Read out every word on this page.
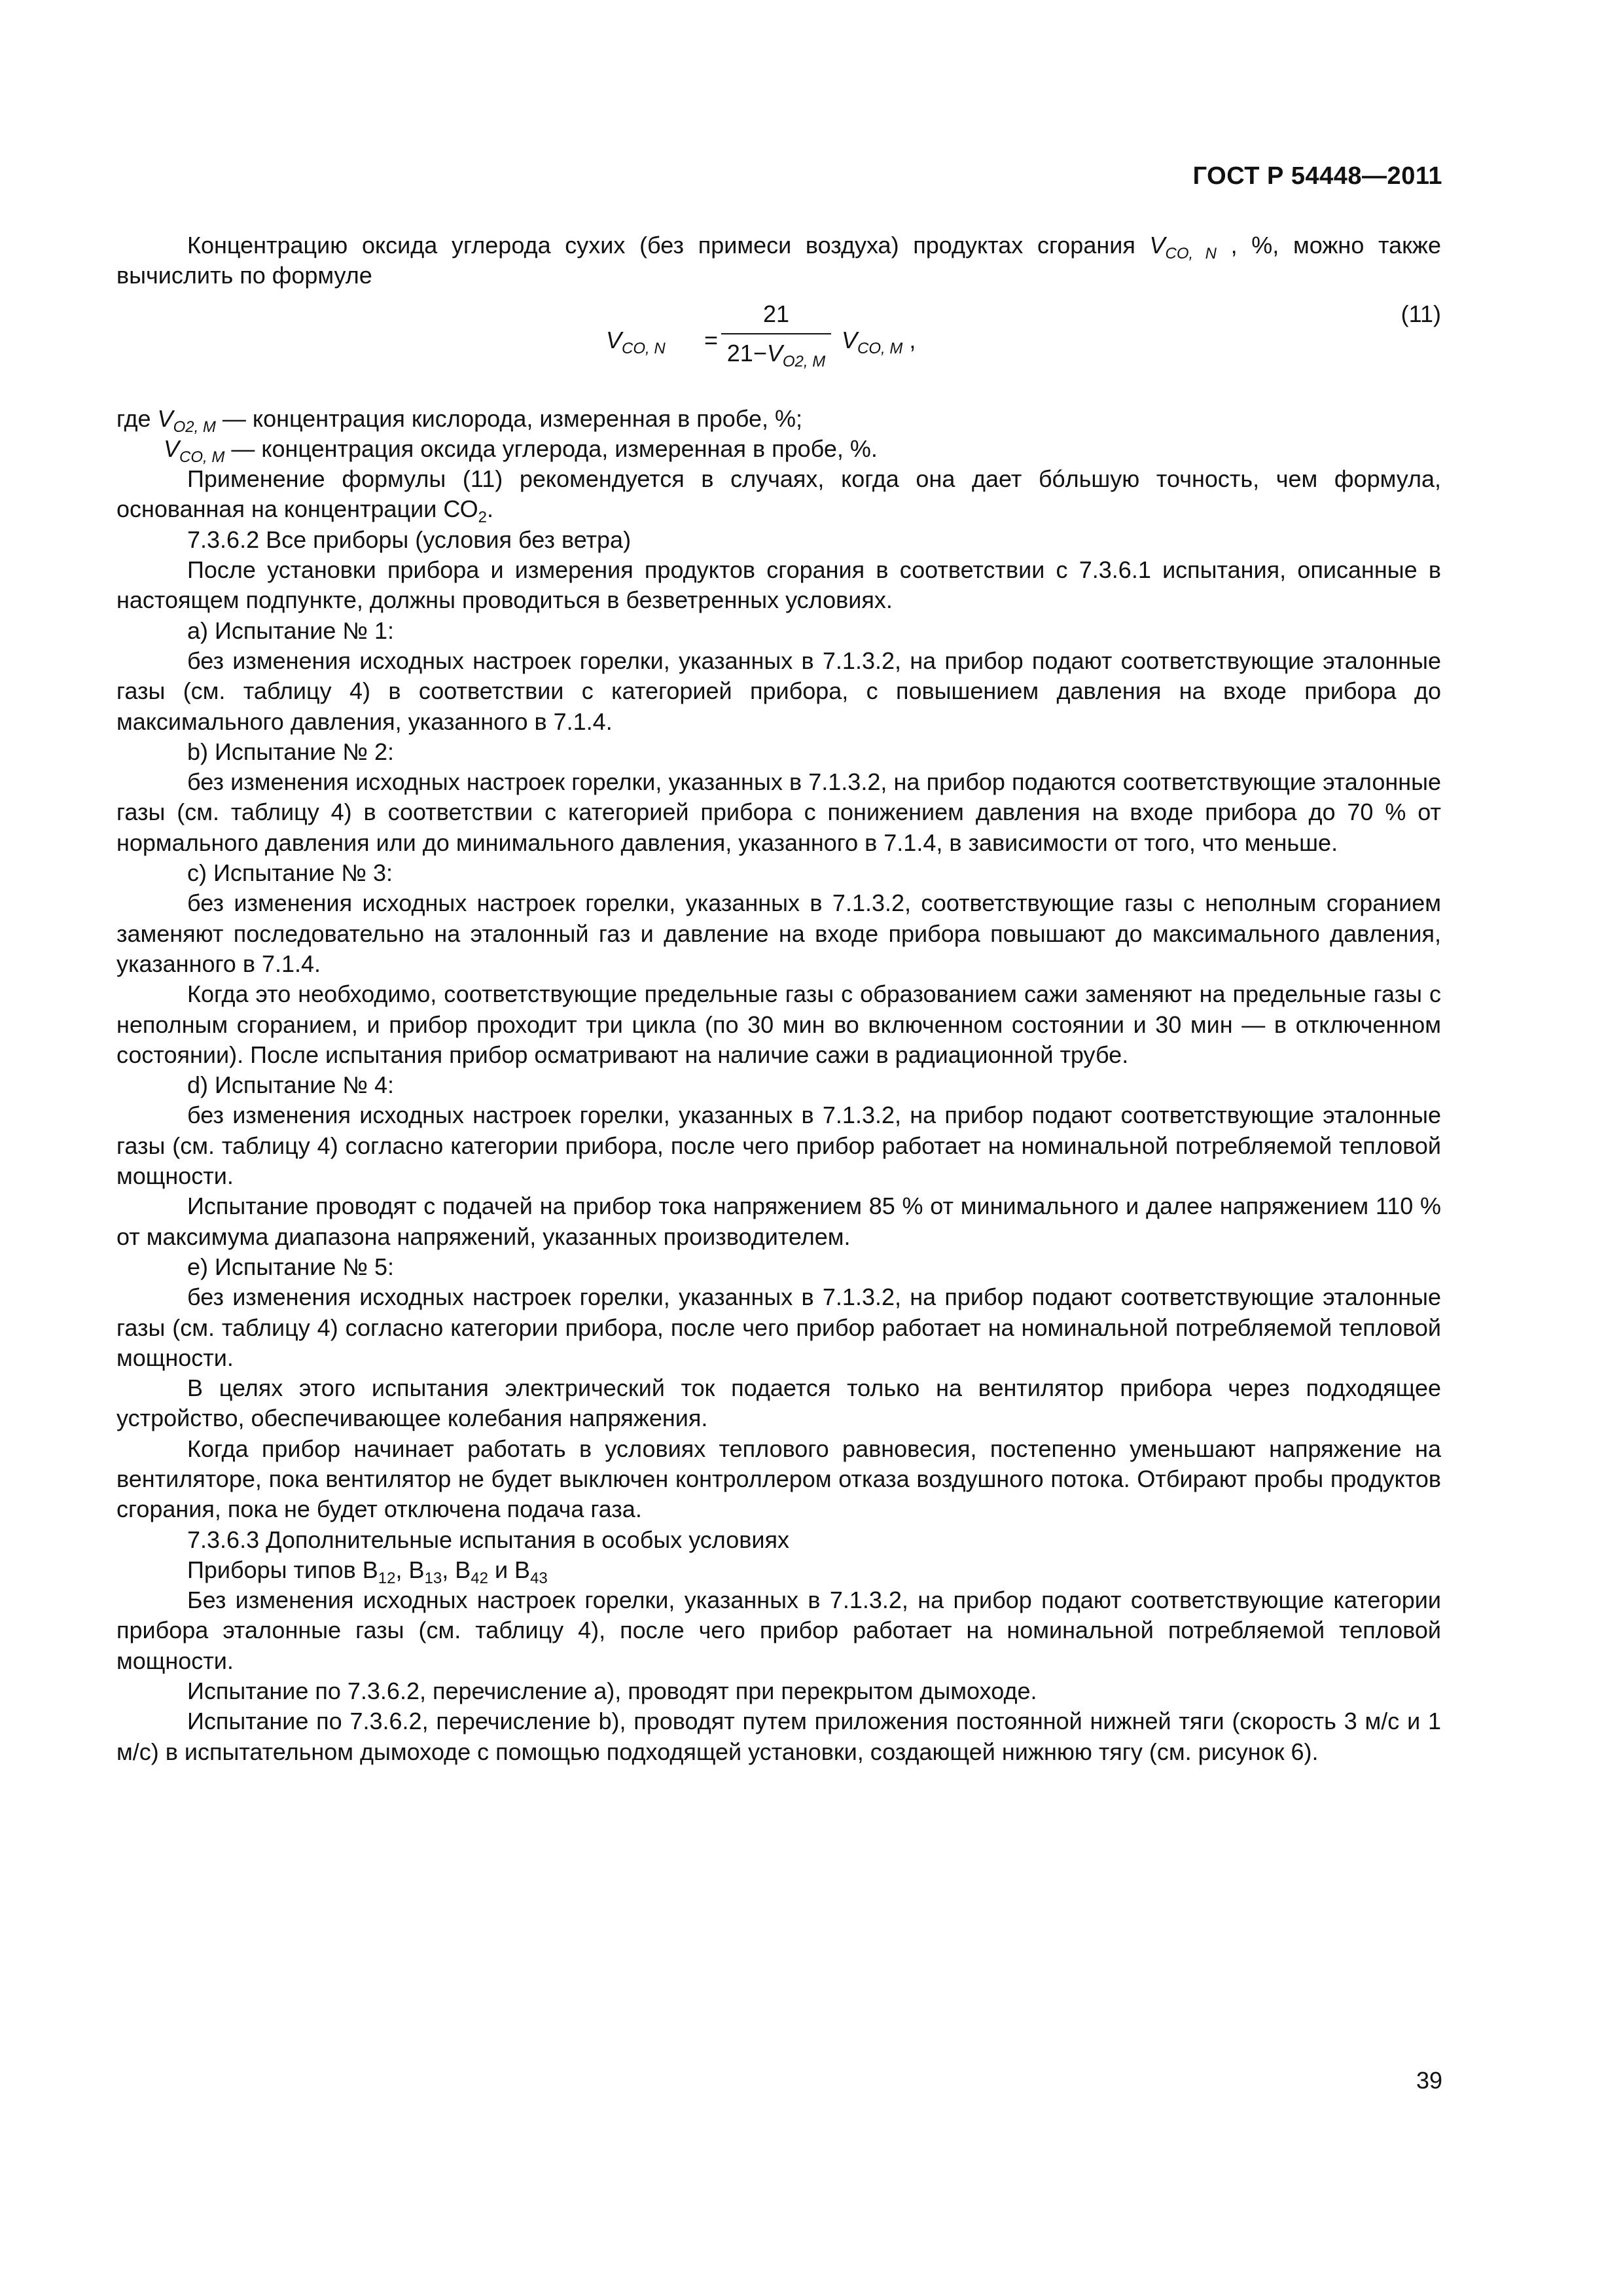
ГОСТ Р 54448—2011

Концентрацию оксида углерода сухих (без примеси воздуха) продуктах сгорания $V_{CO, N}$ , %, можно также вычислить по формуле

$V_{CO, N}$ =
21
$21-V_{O2, M}$
$V_{CO, M}$ ,
(11)

где $V_{O2, M}$ — концентрация кислорода, измеренная в пробе, %;

$V_{CO, M}$ — концентрация оксида углерода, измеренная в пробе, %.

Применение формулы (11) рекомендуется в случаях, когда она дает бóльшую точность, чем формула, основанная на концентрации $СО_2$.

7.3.6.2 Все приборы (условия без ветра)

После установки прибора и измерения продуктов сгорания в соответствии с 7.3.6.1 испытания, описанные в настоящем подпункте, должны проводиться в безветренных условиях.

а) Испытание № 1:

без изменения исходных настроек горелки, указанных в 7.1.3.2, на прибор подают соответствующие эталонные газы (см. таблицу 4) в соответствии с категорией прибора, с повышением давления на входе прибора до максимального давления, указанного в 7.1.4.

b) Испытание № 2:

без изменения исходных настроек горелки, указанных в 7.1.3.2, на прибор подаются соответствующие эталонные газы (см. таблицу 4) в соответствии с категорией прибора с понижением давления на входе прибора до 70 % от нормального давления или до минимального давления, указанного в 7.1.4, в зависимости от того, что меньше.

с) Испытание № 3:

без изменения исходных настроек горелки, указанных в 7.1.3.2, соответствующие газы с неполным сгоранием заменяют последовательно на эталонный газ и давление на входе прибора повышают до максимального давления, указанного в 7.1.4.

Когда это необходимо, соответствующие предельные газы с образованием сажи заменяют на предельные газы с неполным сгоранием, и прибор проходит три цикла (по 30 мин во включенном состоянии и 30 мин — в отключенном состоянии). После испытания прибор осматривают на наличие сажи в радиационной трубе.

d) Испытание № 4:

без изменения исходных настроек горелки, указанных в 7.1.3.2, на прибор подают соответствующие эталонные газы (см. таблицу 4) согласно категории прибора, после чего прибор работает на номинальной потребляемой тепловой мощности.

Испытание проводят с подачей на прибор тока напряжением 85 % от минимального и далее напряжением 110 % от максимума диапазона напряжений, указанных производителем.

е) Испытание № 5:

без изменения исходных настроек горелки, указанных в 7.1.3.2, на прибор подают соответствующие эталонные газы (см. таблицу 4) согласно категории прибора, после чего прибор работает на номинальной потребляемой тепловой мощности.

В целях этого испытания электрический ток подается только на вентилятор прибора через подходящее устройство, обеспечивающее колебания напряжения.

Когда прибор начинает работать в условиях теплового равновесия, постепенно уменьшают напряжение на вентиляторе, пока вентилятор не будет выключен контроллером отказа воздушного потока. Отбирают пробы продуктов сгорания, пока не будет отключена подача газа.

7.3.6.3 Дополнительные испытания в особых условиях

Приборы типов $В_{12}$, $В_{13}$, $В_{42}$ и $В_{43}$

Без изменения исходных настроек горелки, указанных в 7.1.3.2, на прибор подают соответствующие категории прибора эталонные газы (см. таблицу 4), после чего прибор работает на номинальной потребляемой тепловой мощности.

Испытание по 7.3.6.2, перечисление а), проводят при перекрытом дымоходе.

Испытание по 7.3.6.2, перечисление b), проводят путем приложения постоянной нижней тяги (скорость 3 м/с и 1 м/с) в испытательном дымоходе с помощью подходящей установки, создающей нижнюю тягу (см. рисунок 6).

39
